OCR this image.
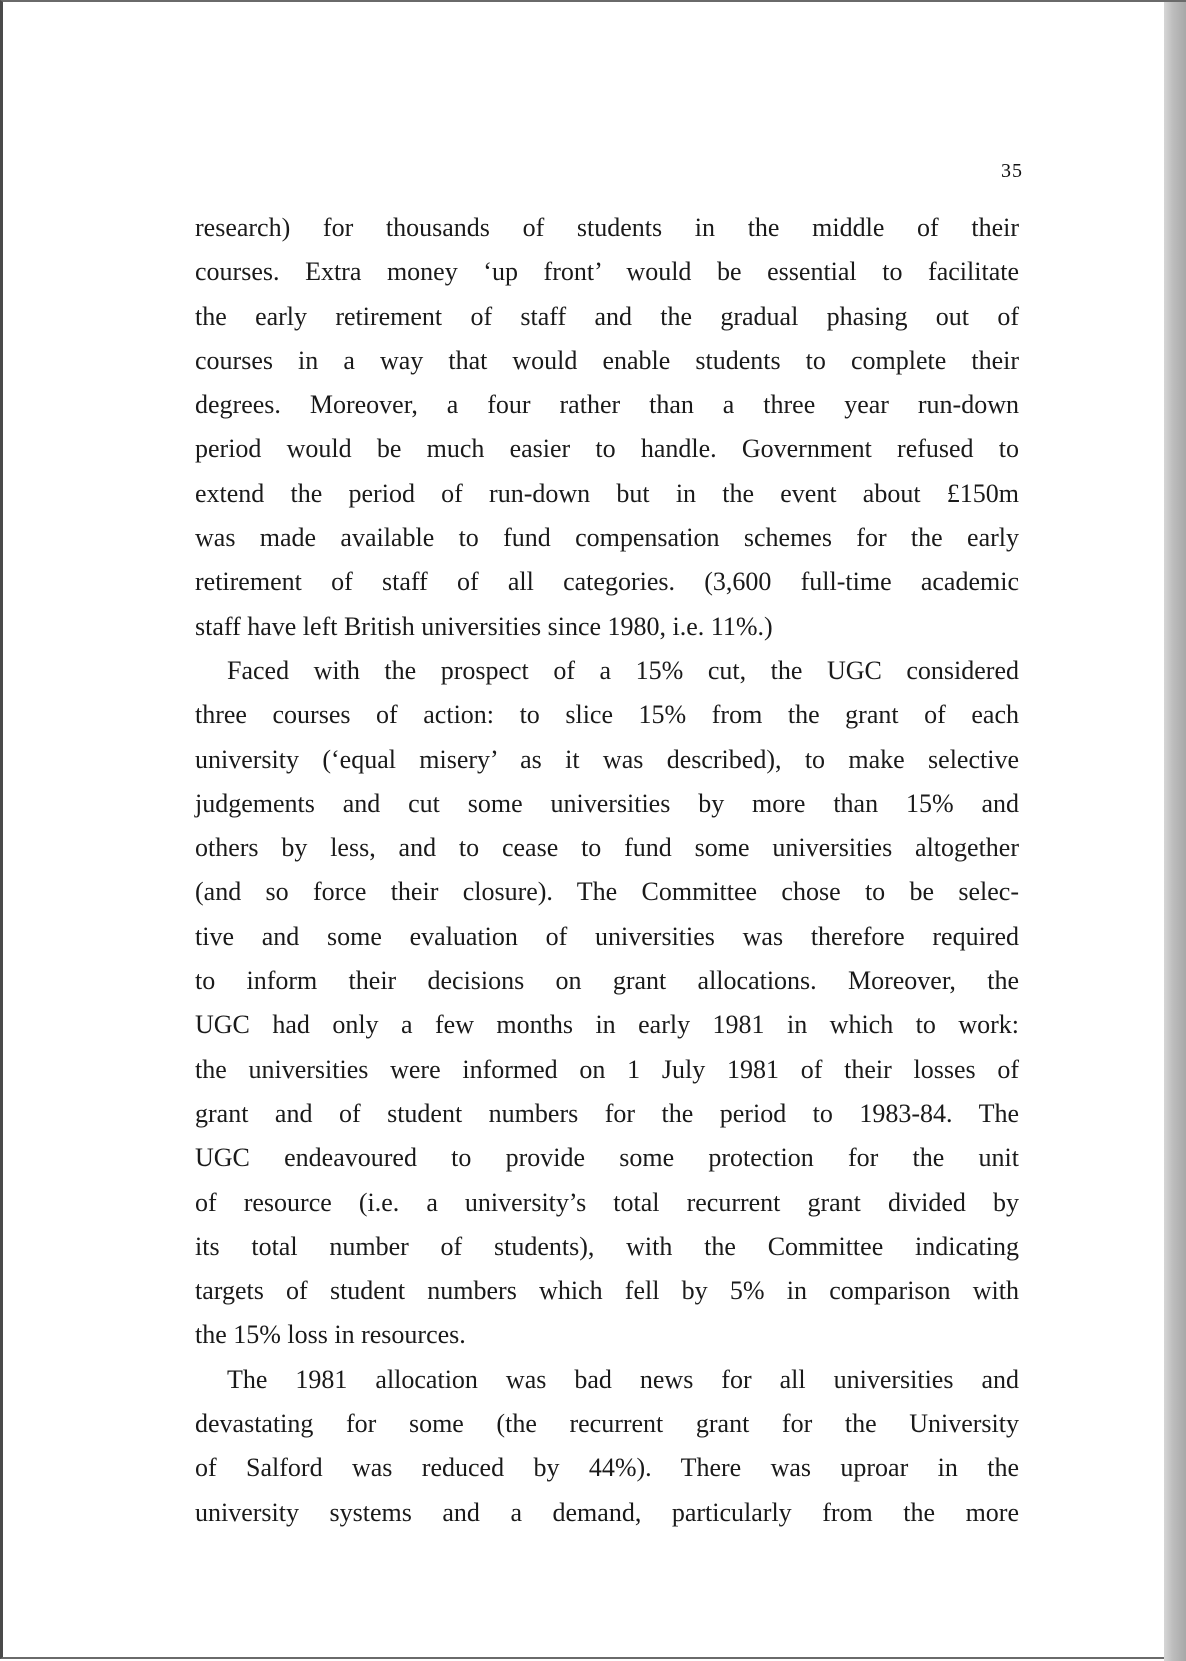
35
research) for thousands of students in the middle of their
courses. Extra money ‘up front’ would be essential to facilitate
the early retirement of staff and the gradual phasing out of
courses in a way that would enable students to complete their
degrees. Moreover, a four rather than a three year run-down
period would be much easier to handle. Government refused to
extend the period of run-down but in the event about £150m
was made available to fund compensation schemes for the early
retirement of staff of all categories. (3,600 full-time academic
staff have left British universities since 1980, i.e. 11%.)
Faced with the prospect of a 15% cut, the UGC considered
three courses of action: to slice 15% from the grant of each
university (‘equal misery’ as it was described), to make selective
judgements and cut some universities by more than 15% and
others by less, and to cease to fund some universities altogether
(and so force their closure). The Committee chose to be selec-
tive and some evaluation of universities was therefore required
to inform their decisions on grant allocations. Moreover, the
UGC had only a few months in early 1981 in which to work:
the universities were informed on 1 July 1981 of their losses of
grant and of student numbers for the period to 1983-84. The
UGC endeavoured to provide some protection for the unit
of resource (i.e. a university’s total recurrent grant divided by
its total number of students), with the Committee indicating
targets of student numbers which fell by 5% in comparison with
the 15% loss in resources.
The 1981 allocation was bad news for all universities and
devastating for some (the recurrent grant for the University
of Salford was reduced by 44%). There was uproar in the
university systems and a demand, particularly from the more
